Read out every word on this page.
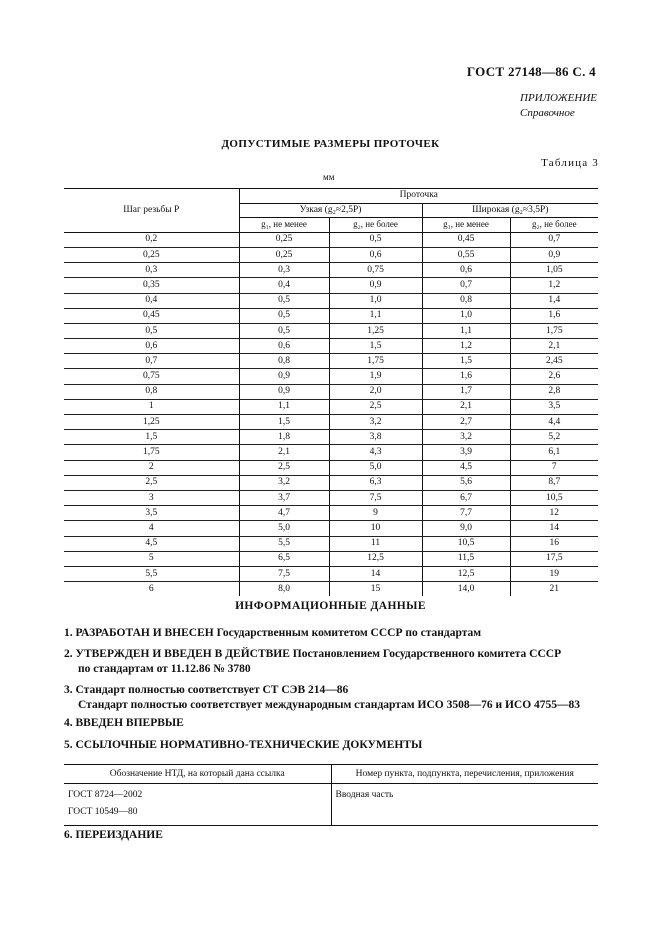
ГОСТ 27148—86 С. 4
ПРИЛОЖЕНИЕ
Справочное
ДОПУСТИМЫЕ РАЗМЕРЫ ПРОТОЧЕК
Таблица 3
мм
Шаг резьбы P	Проточка			
	Узкая (g₂≈2,5P)		Широкая (g₂≈3,5P)	
	g₁, не менее	g₂, не более	g₁, не менее	g₂, не более
0,2	0,25	0,5	0,45	0,7
0,25	0,25	0,6	0,55	0,9
0,3	0,3	0,75	0,6	1,05
0,35	0,4	0,9	0,7	1,2
0,4	0,5	1,0	0,8	1,4
0,45	0,5	1,1	1,0	1,6
0,5	0,5	1,25	1,1	1,75
0,6	0,6	1,5	1,2	2,1
0,7	0,8	1,75	1,5	2,45
0,75	0,9	1,9	1,6	2,6
0,8	0,9	2,0	1,7	2,8
1	1,1	2,5	2,1	3,5
1,25	1,5	3,2	2,7	4,4
1,5	1,8	3,8	3,2	5,2
1,75	2,1	4,3	3,9	6,1
2	2,5	5,0	4,5	7
2,5	3,2	6,3	5,6	8,7
3	3,7	7,5	6,7	10,5
3,5	4,7	9	7,7	12
4	5,0	10	9,0	14
4,5	5,5	11	10,5	16
5	6,5	12,5	11,5	17,5
5,5	7,5	14	12,5	19
6	8,0	15	14,0	21
ИНФОРМАЦИОННЫЕ ДАННЫЕ
1. РАЗРАБОТАН И ВНЕСЕН Государственным комитетом СССР по стандартам
2. УТВЕРЖДЕН И ВВЕДЕН В ДЕЙСТВИЕ Постановлением Государственного комитета СССР
по стандартам от 11.12.86 № 3780
3. Стандарт полностью соответствует СТ СЭВ 214—86
Стандарт полностью соответствует международным стандартам ИСО 3508—76 и ИСО 4755—83
4. ВВЕДЕН ВПЕРВЫЕ
5. ССЫЛОЧНЫЕ НОРМАТИВНО-ТЕХНИЧЕСКИЕ ДОКУМЕНТЫ
Обозначение НТД, на который дана ссылка	Номер пункта, подпункта, перечисления, приложения

ГОСТ 8724—2002
ГОСТ 10549—80	Вводная часть
6. ПЕРЕИЗДАНИЕ
